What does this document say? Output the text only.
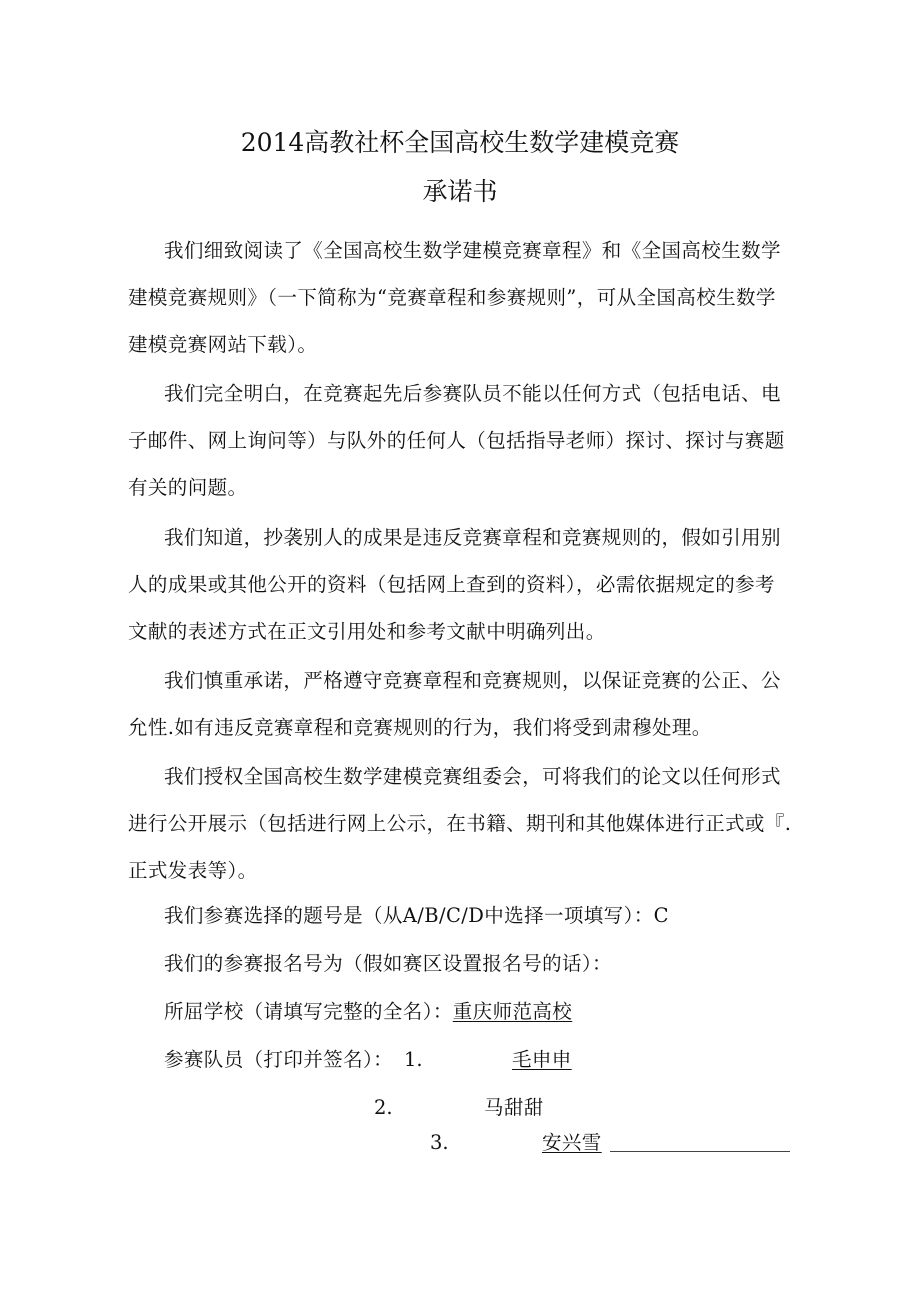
2014高教社杯全国高校生数学建模竞赛
承诺书

我们细致阅读了《全国高校生数学建模竞赛章程》和《全国高校生数学建模竞赛规则》（一下简称为“竞赛章程和参赛规则”，可从全国高校生数学建模竞赛网站下载）。

我们完全明白，在竞赛起先后参赛队员不能以任何方式（包括电话、电子邮件、网上询问等）与队外的任何人（包括指导老师）探讨、探讨与赛题有关的问题。

我们知道，抄袭别人的成果是违反竞赛章程和竞赛规则的，假如引用别人的成果或其他公开的资料（包括网上查到的资料），必需依据规定的参考文献的表述方式在正文引用处和参考文献中明确列出。

我们慎重承诺，严格遵守竞赛章程和竞赛规则，以保证竞赛的公正、公允性.如有违反竞赛章程和竞赛规则的行为，我们将受到肃穆处理。

我们授权全国高校生数学建模竞赛组委会，可将我们的论文以任何形式进行公开展示（包括进行网上公示，在书籍、期刊和其他媒体进行正式或『.正式发表等）。

我们参赛选择的题号是（从A/B/C/D中选择一项填写）：C
我们的参赛报名号为（假如赛区设置报名号的话）：
所屈学校（请填写完整的全名）：重庆师范高校
参赛队员（打印并签名）： 1.	毛申申
2.	马甜甜
3.	安兴雪
